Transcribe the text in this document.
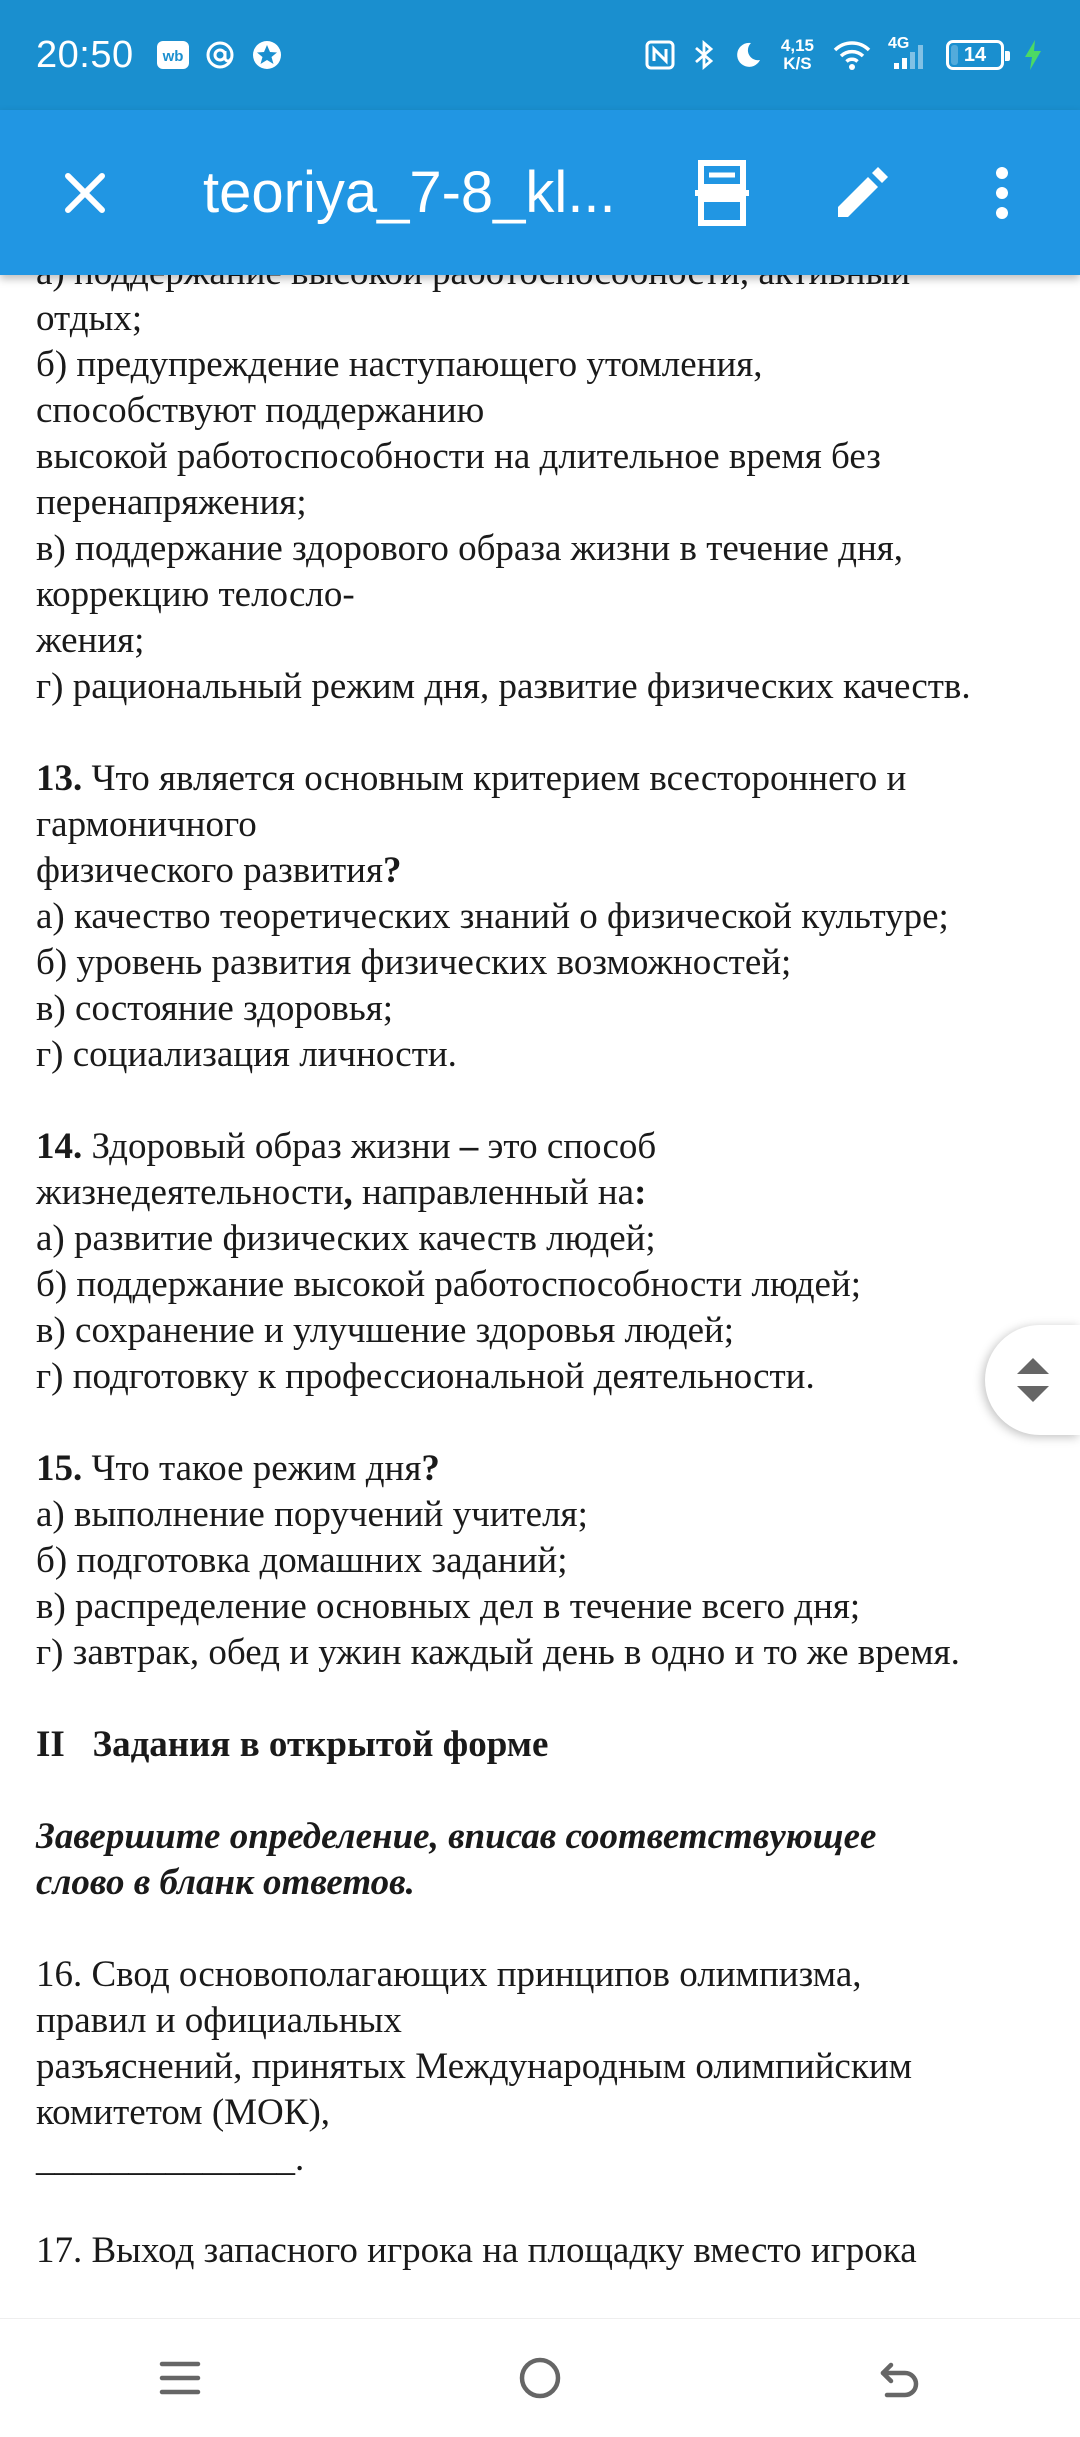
20:50 wb
4,15
K/S
4G	14
teoriya_7-8_kl...
отдых;
б) предупреждение наступающего утомления,
способствуют поддержанию
высокой работоспособности на длительное время без
перенапряжения;
в) поддержание здорового образа жизни в течение дня,
коррекцию телосло-
жения;
г) рациональный режим дня, развитие физических качеств.
13. Что является основным критерием всестороннего и
гармоничного
физического развития?
а) качество теоретических знаний о физической культуре;
б) уровень развития физических возможностей;
в) состояние здоровья;
г) социализация личности.
14. Здоровый образ жизни – это способ
жизнедеятельности, направленный на:
а) развитие физических качеств людей;
б) поддержание высокой работоспособности людей;
в) сохранение и улучшение здоровья людей;
г) подготовку к профессиональной деятельности.
15. Что такое режим дня?
а) выполнение поручений учителя;
б) подготовка домашних заданий;
в) распределение основных дел в течение всего дня;
г) завтрак, обед и ужин каждый день в одно и то же время.
II   Задания в открытой форме
Завершите определение, вписав соответствующее
слово в бланк ответов.
16. Свод основополагающих принципов олимпизма,
правил и официальных
разъяснений, принятых Международным олимпийским
комитетом (МОК),
______________.
17. Выход запасного игрока на площадку вместо игрока
